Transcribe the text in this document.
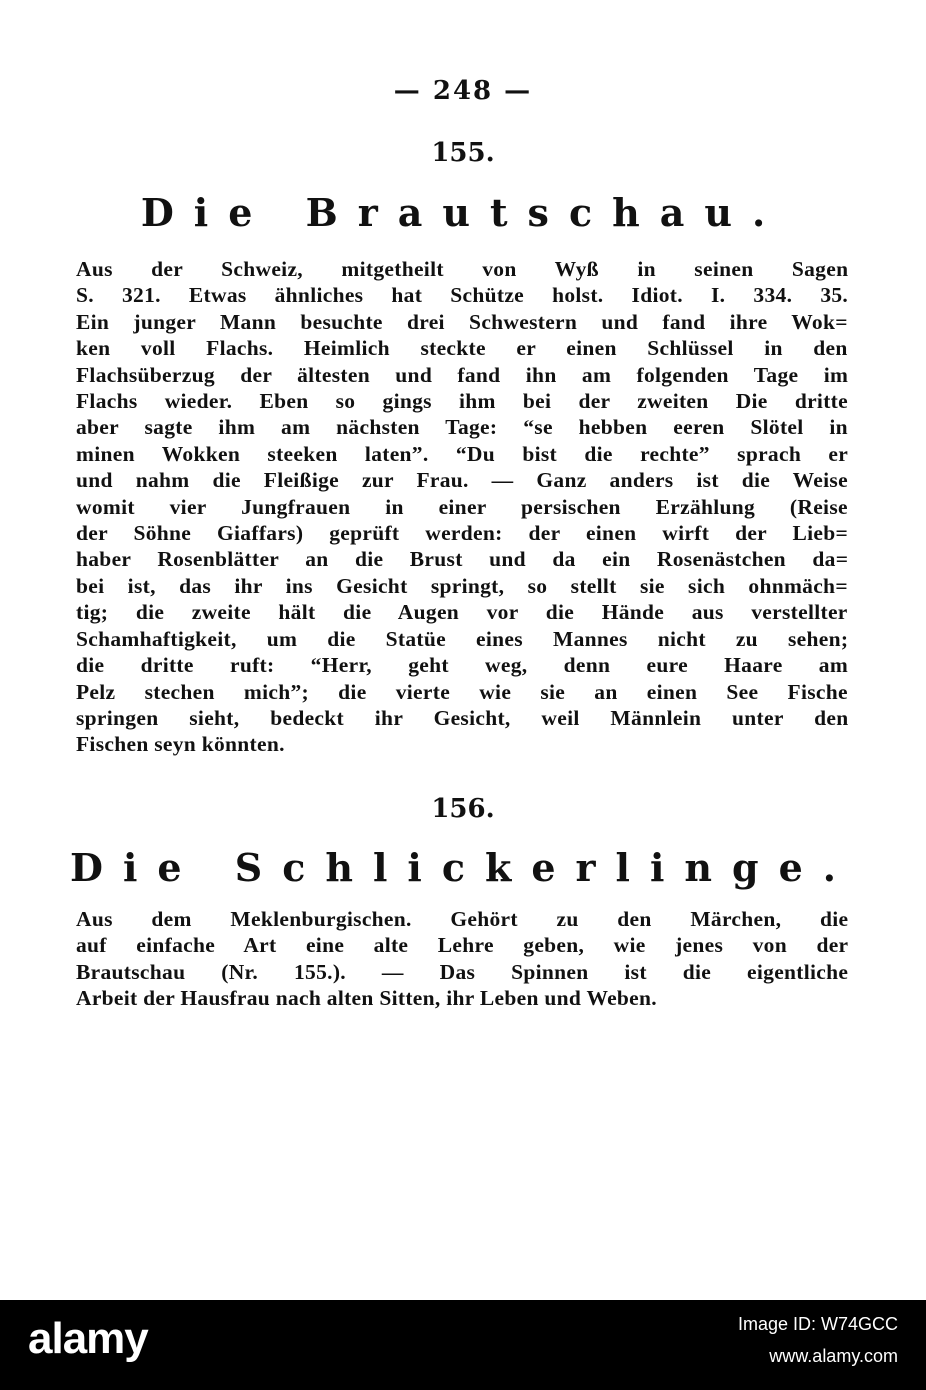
— 248 —
155.
Die Brautschau.

Aus der Schweiz, mitgetheilt von Wyß in seinen Sagen
S. 321. Etwas ähnliches hat Schütze holst. Idiot. I. 334. 35.
Ein junger Mann besuchte drei Schwestern und fand ihre Wok=
ken voll Flachs. Heimlich steckte er einen Schlüssel in den
Flachsüberzug der ältesten und fand ihn am folgenden Tage im
Flachs wieder. Eben so gings ihm bei der zweiten Die dritte
aber sagte ihm am nächsten Tage: “se hebben eeren Slötel in
minen Wokken steeken laten”. “Du bist die rechte” sprach er
und nahm die Fleißige zur Frau. — Ganz anders ist die Weise
womit vier Jungfrauen in einer persischen Erzählung (Reise
der Söhne Giaffars) geprüft werden: der einen wirft der Lieb=
haber Rosenblätter an die Brust und da ein Rosenästchen da=
bei ist, das ihr ins Gesicht springt, so stellt sie sich ohnmäch=
tig; die zweite hält die Augen vor die Hände aus verstellter
Schamhaftigkeit, um die Statüe eines Mannes nicht zu sehen;
die dritte ruft: “Herr, geht weg, denn eure Haare am
Pelz stechen mich”; die vierte wie sie an einen See Fische
springen sieht, bedeckt ihr Gesicht, weil Männlein unter den
Fischen seyn könnten.

156.
Die Schlickerlinge.

Aus dem Meklenburgischen. Gehört zu den Märchen, die
auf einfache Art eine alte Lehre geben, wie jenes von der
Brautschau (Nr. 155.). — Das Spinnen ist die eigentliche
Arbeit der Hausfrau nach alten Sitten, ihr Leben und Weben.

alamy	Image ID: W74GCC
www.alamy.com
